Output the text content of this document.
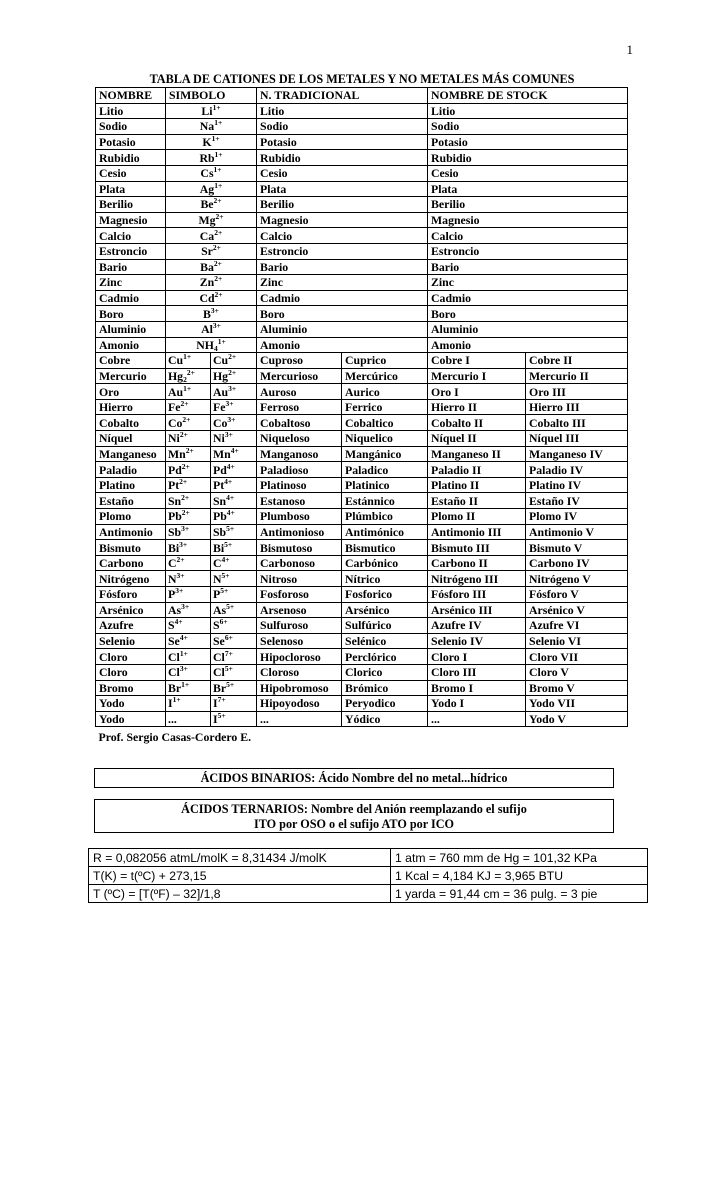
1
TABLA DE CATIONES DE LOS METALES Y NO METALES MÁS COMUNES
NOMBRE	SIMBOLO		N. TRADICIONAL		NOMBRE DE STOCK	
Litio	$Li^{1+}$		Litio		Litio	
Sodio	$Na^{1+}$		Sodio		Sodio	
Potasio	$K^{1+}$		Potasio		Potasio	
Rubidio	$Rb^{1+}$		Rubidio		Rubidio	
Cesio	$Cs^{1+}$		Cesio		Cesio	
Plata	$Ag^{1+}$		Plata		Plata	
Berilio	$Be^{2+}$		Berilio		Berilio	
Magnesio	$Mg^{2+}$		Magnesio		Magnesio	
Calcio	$Ca^{2+}$		Calcio		Calcio	
Estroncio	$Sr^{2+}$		Estroncio		Estroncio	
Bario	$Ba^{2+}$		Bario		Bario	
Zinc	$Zn^{2+}$		Zinc		Zinc	
Cadmio	$Cd^{2+}$		Cadmio		Cadmio	
Boro	$B^{3+}$		Boro		Boro	
Aluminio	$Al^{3+}$		Aluminio		Aluminio	
Amonio	$NH_4^{1+}$		Amonio		Amonio	
Cobre	$Cu^{1+}$	$Cu^{2+}$	Cuproso	Cuprico	Cobre I	Cobre II
Mercurio	$Hg_2^{2+}$	$Hg^{2+}$	Mercurioso	Mercúrico	Mercurio I	Mercurio II
Oro	$Au^{1+}$	$Au^{3+}$	Auroso	Aurico	Oro I	Oro III
Hierro	$Fe^{2+}$	$Fe^{3+}$	Ferroso	Ferrico	Hierro II	Hierro III
Cobalto	$Co^{2+}$	$Co^{3+}$	Cobaltoso	Cobaltico	Cobalto II	Cobalto III
Níquel	$Ni^{2+}$	$Ni^{3+}$	Niqueloso	Niquelico	Níquel II	Níquel III
Manganeso	$Mn^{2+}$	$Mn^{4+}$	Manganoso	Mangánico	Manganeso II	Manganeso IV
Paladio	$Pd^{2+}$	$Pd^{4+}$	Paladioso	Paladico	Paladio II	Paladio IV
Platino	$Pt^{2+}$	$Pt^{4+}$	Platinoso	Platinico	Platino II	Platino IV
Estaño	$Sn^{2+}$	$Sn^{4+}$	Estanoso	Estánnico	Estaño II	Estaño IV
Plomo	$Pb^{2+}$	$Pb^{4+}$	Plumboso	Plúmbico	Plomo II	Plomo IV
Antimonio	$Sb^{3+}$	$Sb^{5+}$	Antimonioso	Antimónico	Antimonio III	Antimonio V
Bismuto	$Bi^{3+}$	$Bi^{5+}$	Bismutoso	Bismutico	Bismuto III	Bismuto V
Carbono	$C^{2+}$	$C^{4+}$	Carbonoso	Carbónico	Carbono II	Carbono IV
Nitrógeno	$N^{3+}$	$N^{5+}$	Nitroso	Nítrico	Nitrógeno III	Nitrógeno V
Fósforo	$P^{3+}$	$P^{5+}$	Fosforoso	Fosforico	Fósforo III	Fósforo V
Arsénico	$As^{3+}$	$As^{5+}$	Arsenoso	Arsénico	Arsénico III	Arsénico V
Azufre	$S^{4+}$	$S^{6+}$	Sulfuroso	Sulfúrico	Azufre IV	Azufre VI
Selenio	$Se^{4+}$	$Se^{6+}$	Selenoso	Selénico	Selenio IV	Selenio VI
Cloro	$Cl^{1+}$	$Cl^{7+}$	Hipocloroso	Perclórico	Cloro I	Cloro VII
Cloro	$Cl^{3+}$	$Cl^{5+}$	Cloroso	Clorico	Cloro III	Cloro V
Bromo	$Br^{1+}$	$Br^{5+}$	Hipobromoso	Brómico	Bromo I	Bromo V
Yodo	$I^{1+}$	$I^{7+}$	Hipoyodoso	Peryodico	Yodo I	Yodo VII
Yodo	...	$I^{5+}$	...	Yódico	...	Yodo V
Prof. Sergio Casas-Cordero E.						
ÁCIDOS BINARIOS: Ácido Nombre del no metal...hídrico
ÁCIDOS TERNARIOS: Nombre del Anión reemplazando el sufijo
ITO por OSO o el sufijo ATO por ICO
R = 0,082056 atmL/molK = 8,31434 J/molK	1 atm = 760 mm de Hg = 101,32 KPa
T(K) = t(ºC) + 273,15	1 Kcal = 4,184 KJ = 3,965 BTU
T (ºC) = [T(ºF) – 32]/1,8	1 yarda = 91,44 cm = 36 pulg. = 3 pie
